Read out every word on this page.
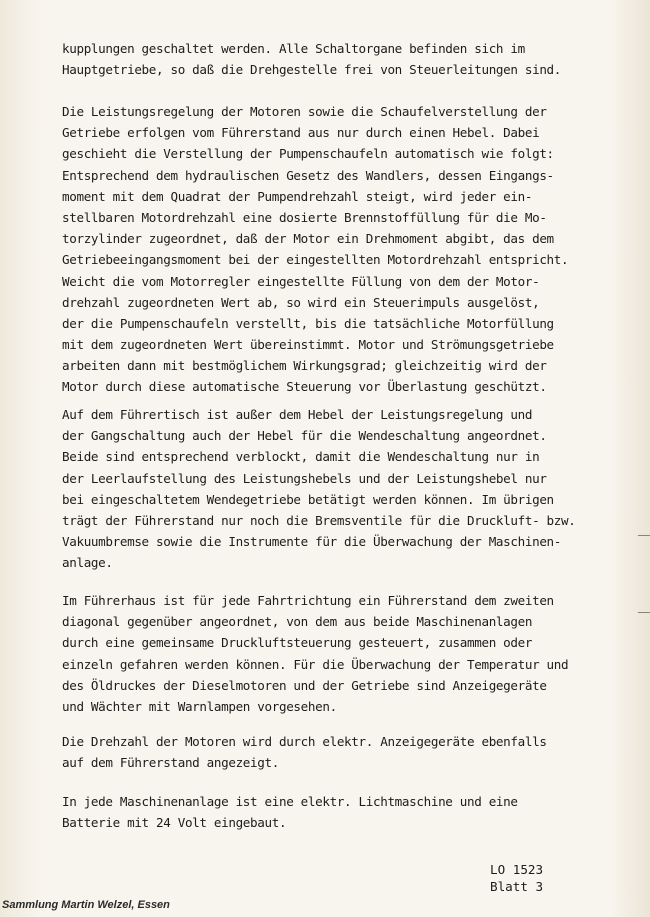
kupplungen geschaltet werden. Alle Schaltorgane befinden sich im
Hauptgetriebe, so daß die Drehgestelle frei von Steuerleitungen sind.
Die Leistungsregelung der Motoren sowie die Schaufelverstellung der
Getriebe erfolgen vom Führerstand aus nur durch einen Hebel. Dabei
geschieht die Verstellung der Pumpenschaufeln automatisch wie folgt:
Entsprechend dem hydraulischen Gesetz des Wandlers, dessen Eingangs-
moment mit dem Quadrat der Pumpendrehzahl steigt, wird jeder ein-
stellbaren Motordrehzahl eine dosierte Brennstoffüllung für die Mo-
torzylinder zugeordnet, daß der Motor ein Drehmoment abgibt, das dem
Getriebeeingangsmoment bei der eingestellten Motordrehzahl entspricht.
Weicht die vom Motorregler eingestellte Füllung von dem der Motor-
drehzahl zugeordneten Wert ab, so wird ein Steuerimpuls ausgelöst,
der die Pumpenschaufeln verstellt, bis die tatsächliche Motorfüllung
mit dem zugeordneten Wert übereinstimmt. Motor und Strömungsgetriebe
arbeiten dann mit bestmöglichem Wirkungsgrad; gleichzeitig wird der
Motor durch diese automatische Steuerung vor Überlastung geschützt.
Auf dem Führertisch ist außer dem Hebel der Leistungsregelung und
der Gangschaltung auch der Hebel für die Wendeschaltung angeordnet.
Beide sind entsprechend verblockt, damit die Wendeschaltung nur in
der Leerlaufstellung des Leistungshebels und der Leistungshebel nur
bei eingeschaltetem Wendegetriebe betätigt werden können. Im übrigen
trägt der Führerstand nur noch die Bremsventile für die Druckluft- bzw.
Vakuumbremse sowie die Instrumente für die Überwachung der Maschinen-
anlage.
Im Führerhaus ist für jede Fahrtrichtung ein Führerstand dem zweiten
diagonal gegenüber angeordnet, von dem aus beide Maschinenanlagen
durch eine gemeinsame Druckluftsteuerung gesteuert, zusammen oder
einzeln gefahren werden können. Für die Überwachung der Temperatur und
des Öldruckes der Dieselmotoren und der Getriebe sind Anzeigegeräte
und Wächter mit Warnlampen vorgesehen.
Die Drehzahl der Motoren wird durch elektr. Anzeigegeräte ebenfalls
auf dem Führerstand angezeigt.
In jede Maschinenanlage ist eine elektr. Lichtmaschine und eine
Batterie mit 24 Volt eingebaut.
LO 1523
Blatt 3
Sammlung Martin Welzel, Essen
